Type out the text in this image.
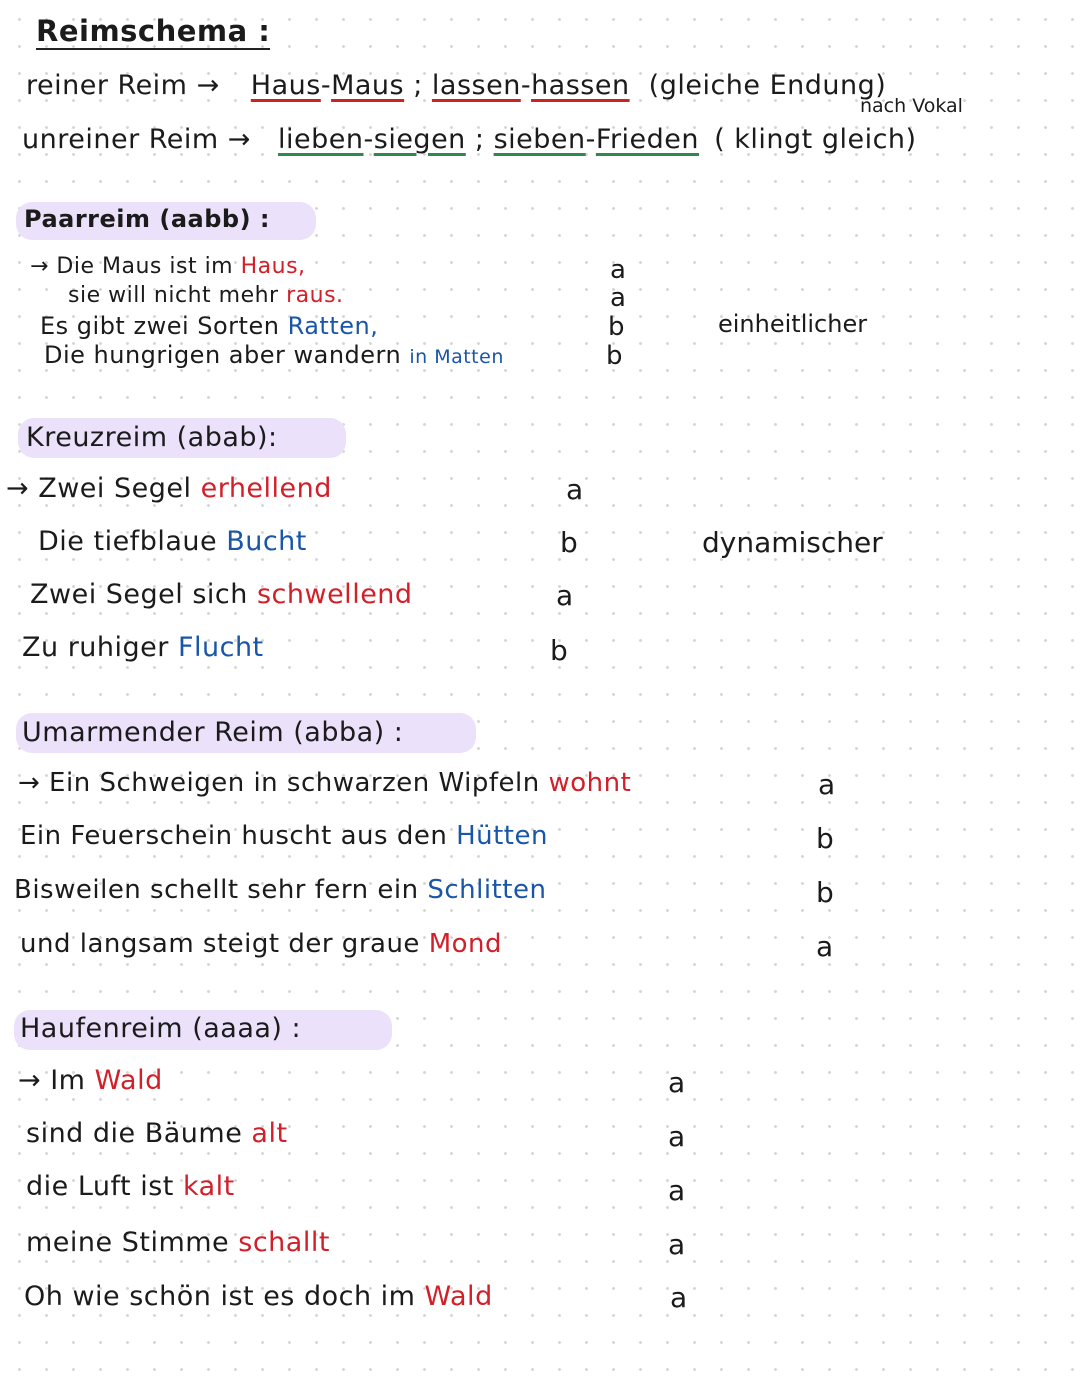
Reimschema :
reiner Reim → Haus-Maus ; lassen-hassen (gleiche Endung)
nach Vokal
unreiner Reim → lieben-siegen ; sieben-Frieden ( klingt gleich)
Paarreim (aabb) :
→ Die Maus ist im Haus,
sie will nicht mehr raus.
Es gibt zwei Sorten Ratten,
Die hungrigen aber wandern in Matten
a
a
b
b
einheitlicher
Kreuzreim (abab):
→ Zwei Segel erhellend
Die tiefblaue Bucht
Zwei Segel sich schwellend
Zu ruhiger Flucht
a
b
a
b
dynamischer
Umarmender Reim (abba) :
→ Ein Schweigen in schwarzen Wipfeln wohnt
Ein Feuerschein huscht aus den Hütten
Bisweilen schellt sehr fern ein Schlitten
und langsam steigt der graue Mond
a
b
b
a
Haufenreim (aaaa) :
→ Im Wald
sind die Bäume alt
die Luft ist kalt
meine Stimme schallt
Oh wie schön ist es doch im Wald
a
a
a
a
a
